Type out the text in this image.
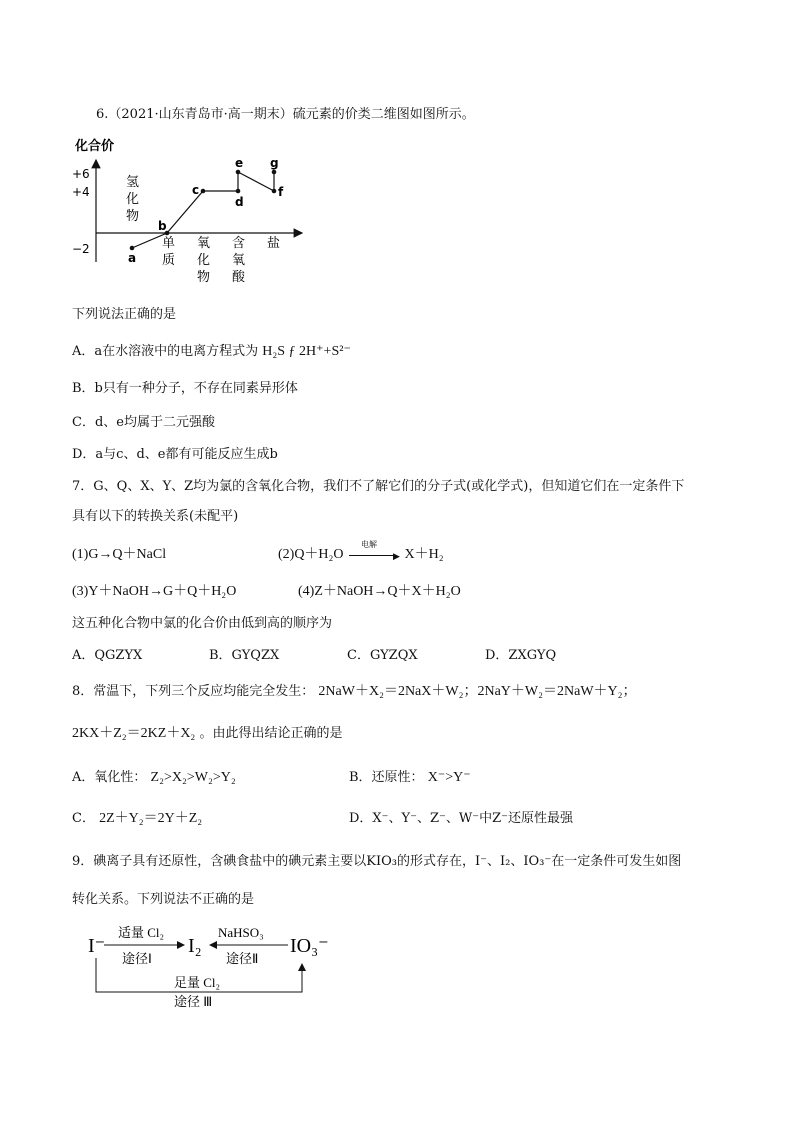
6.（2021·山东青岛市·高一期末）硫元素的价类二维图如图所示。
化合价
+6
+4
−2
氢
化
物
单
质
氧
化
物
含
氧
酸
盐
a
b
c
d
e
f
g
下列说法正确的是
A．a在水溶液中的电离方程式为 H₂S ƒ 2H⁺+S²⁻
B．b只有一种分子，不存在同素异形体
C．d、e均属于二元强酸
D．a与c、d、e都有可能反应生成b
7．G、Q、X、Y、Z均为氯的含氧化合物，我们不了解它们的分子式(或化学式)，但知道它们在一定条件下
具有以下的转换关系(未配平)
(1)G→Q＋NaCl	(2)Q＋H₂O
电解
▶ X＋H₂
(3)Y＋NaOH→G＋Q＋H₂O	(4)Z＋NaOH→Q＋X＋H₂O
这五种化合物中氯的化合价由低到高的顺序为
A．QGZYX	B．GYQZX	C．GYZQX	D．ZXGYQ
8．常温下，下列三个反应均能完全发生： 2NaW＋X₂＝2NaX＋W₂；2NaY＋W₂＝2NaW＋Y₂；
2KX＋Z₂＝2KZ＋X₂ 。由此得出结论正确的是
A．氧化性： Z₂>X₂>W₂>Y₂	B．还原性： X⁻>Y⁻
C． 2Z＋Y₂＝2Y＋Z₂	D．X⁻、Y⁻、Z⁻、W⁻中Z⁻还原性最强
9．碘离子具有还原性，含碘食盐中的碘元素主要以KIO₃的形式存在，I⁻、I₂、IO₃⁻在一定条件可发生如图
转化关系。下列说法不正确的是
I⁻	I₂	IO₃⁻
适量 Cl₂
途径Ⅰ
NaHSO₃
途径Ⅱ
足量 Cl₂
途径 Ⅲ
